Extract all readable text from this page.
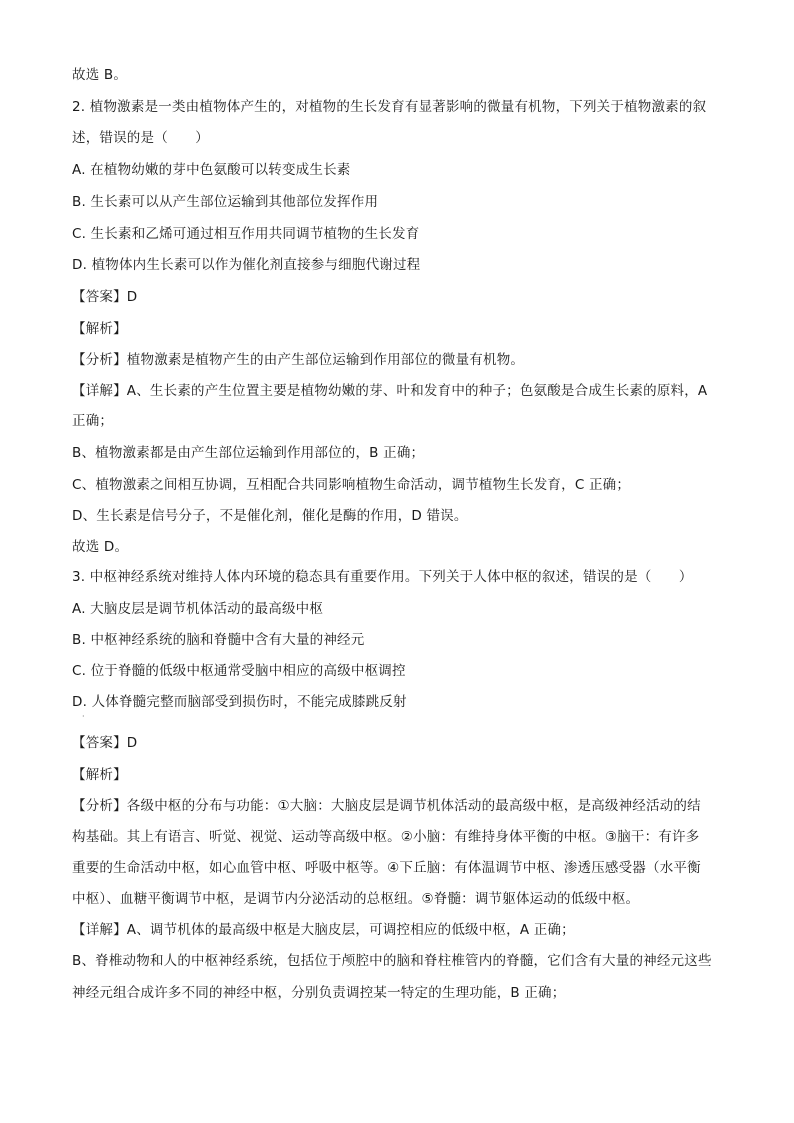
故选 B。
2. 植物激素是一类由植物体产生的，对植物的生长发育有显著影响的微量有机物，下列关于植物激素的叙
述，错误的是（　　）
A. 在植物幼嫩的芽中色氨酸可以转变成生长素
B. 生长素可以从产生部位运输到其他部位发挥作用
C. 生长素和乙烯可通过相互作用共同调节植物的生长发育
D. 植物体内生长素可以作为催化剂直接参与细胞代谢过程
【答案】D
【解析】
【分析】植物激素是植物产生的由产生部位运输到作用部位的微量有机物。
【详解】A、生长素的产生位置主要是植物幼嫩的芽、叶和发育中的种子；色氨酸是合成生长素的原料，A
正确；
B、植物激素都是由产生部位运输到作用部位的，B 正确；
C、植物激素之间相互协调，互相配合共同影响植物生命活动，调节植物生长发育，C 正确；
D、生长素是信号分子，不是催化剂，催化是酶的作用，D 错误。
故选 D。
3. 中枢神经系统对维持人体内环境的稳态具有重要作用。下列关于人体中枢的叙述，错误的是（　　）
A. 大脑皮层是调节机体活动的最高级中枢
B. 中枢神经系统的脑和脊髓中含有大量的神经元
C. 位于脊髓的低级中枢通常受脑中相应的高级中枢调控
D. 人体脊髓完整而脑部受到损伤时，不能完成膝跳反射
·
【答案】D
【解析】
【分析】各级中枢的分布与功能：①大脑：大脑皮层是调节机体活动的最高级中枢，是高级神经活动的结
构基础。其上有语言、听觉、视觉、运动等高级中枢。②小脑：有维持身体平衡的中枢。③脑干：有许多
重要的生命活动中枢，如心血管中枢、呼吸中枢等。④下丘脑：有体温调节中枢、渗透压感受器（水平衡
中枢）、血糖平衡调节中枢，是调节内分泌活动的总枢纽。⑤脊髓：调节躯体运动的低级中枢。
【详解】A、调节机体的最高级中枢是大脑皮层，可调控相应的低级中枢，A 正确；
B、脊椎动物和人的中枢神经系统，包括位于颅腔中的脑和脊柱椎管内的脊髓，它们含有大量的神经元这些
神经元组合成许多不同的神经中枢，分别负责调控某一特定的生理功能，B 正确；
